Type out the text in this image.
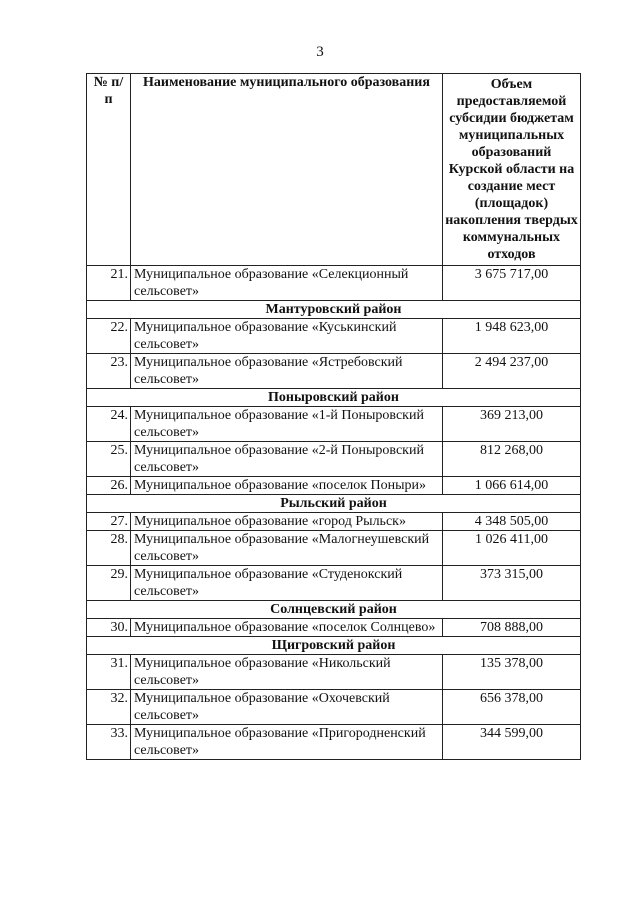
3
№ п/п	Наименование муниципального образования	Объем предоставляемой субсидии бюджетам муниципальных образований Курской области на создание мест (площадок) накопления твердых коммунальных отходов
21.	Муниципальное образование «Селекционный сельсовет»	3 675 717,00
Мантуровский район		
22.	Муниципальное образование «Куськинский сельсовет»	1 948 623,00
23.	Муниципальное образование «Ястребовский сельсовет»	2 494 237,00
Поныровский район		
24.	Муниципальное образование «1-й Поныровский сельсовет»	369 213,00
25.	Муниципальное образование «2-й Поныровский сельсовет»	812 268,00
26.	Муниципальное образование «поселок Поныри»	1 066 614,00
Рыльский район		
27.	Муниципальное образование «город Рыльск»	4 348 505,00
28.	Муниципальное образование «Малогнеушевский сельсовет»	1 026 411,00
29.	Муниципальное образование «Студенокский сельсовет»	373 315,00
Солнцевский район		
30.	Муниципальное образование «поселок Солнцево»	708 888,00
Щигровский район		
31.	Муниципальное образование «Никольский сельсовет»	135 378,00
32.	Муниципальное образование «Охочевский сельсовет»	656 378,00
33.	Муниципальное образование «Пригородненский сельсовет»	344 599,00
